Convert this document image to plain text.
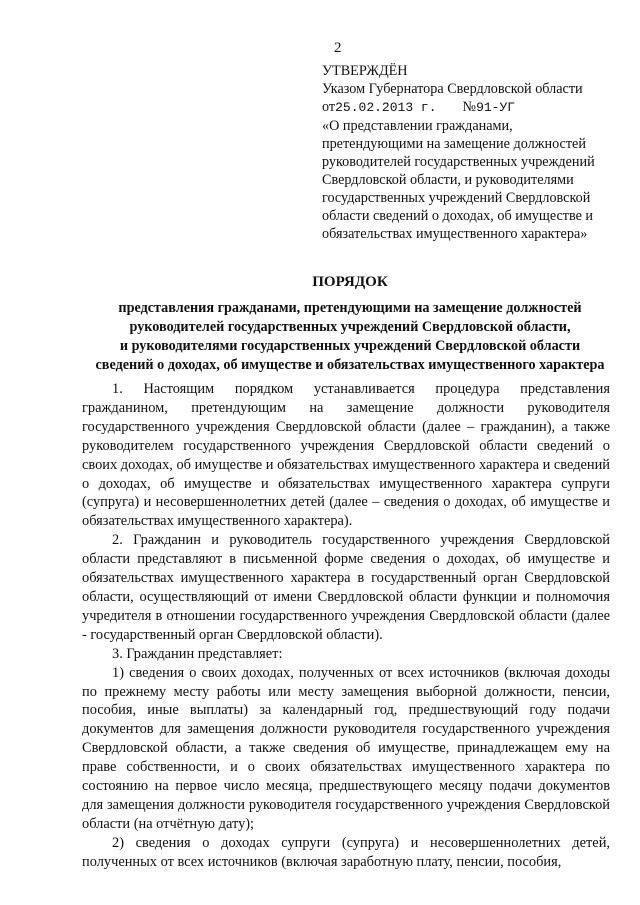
2
УТВЕРЖДЁН
Указом Губернатора Свердловской области
от25.02.2013 г. №91-УГ
«О представлении гражданами,
претендующими на замещение должностей
руководителей государственных учреждений
Свердловской области, и руководителями
государственных учреждений Свердловской
области сведений о доходах, об имуществе и
обязательствах имущественного характера»
ПОРЯДОК
представления гражданами, претендующими на замещение должностей
руководителей государственных учреждений Свердловской области,
и руководителями государственных учреждений Свердловской области
сведений о доходах, об имуществе и обязательствах имущественного характера

1. Настоящим порядком устанавливается процедура представления гражданином, претендующим на замещение должности руководителя государственного учреждения Свердловской области (далее – гражданин), а также руководителем государственного учреждения Свердловской области сведений о своих доходах, об имуществе и обязательствах имущественного характера и сведений о доходах, об имуществе и обязательствах имущественного характера супруги (супруга) и несовершеннолетних детей (далее – сведения о доходах, об имуществе и обязательствах имущественного характера).

2. Гражданин и руководитель государственного учреждения Свердловской области представляют в письменной форме сведения о доходах, об имуществе и обязательствах имущественного характера в государственный орган Свердловской области, осуществляющий от имени Свердловской области функции и полномочия учредителя в отношении государственного учреждения Свердловской области (далее - государственный орган Свердловской области).

3. Гражданин представляет:

1) сведения о своих доходах, полученных от всех источников (включая доходы по прежнему месту работы или месту замещения выборной должности, пенсии, пособия, иные выплаты) за календарный год, предшествующий году подачи документов для замещения должности руководителя государственного учреждения Свердловской области, а также сведения об имуществе, принадлежащем ему на праве собственности, и о своих обязательствах имущественного характера по состоянию на первое число месяца, предшествующего месяцу подачи документов для замещения должности руководителя государственного учреждения Свердловской области (на отчётную дату);

2) сведения о доходах супруги (супруга) и несовершеннолетних детей, полученных от всех источников (включая заработную плату, пенсии, пособия,
